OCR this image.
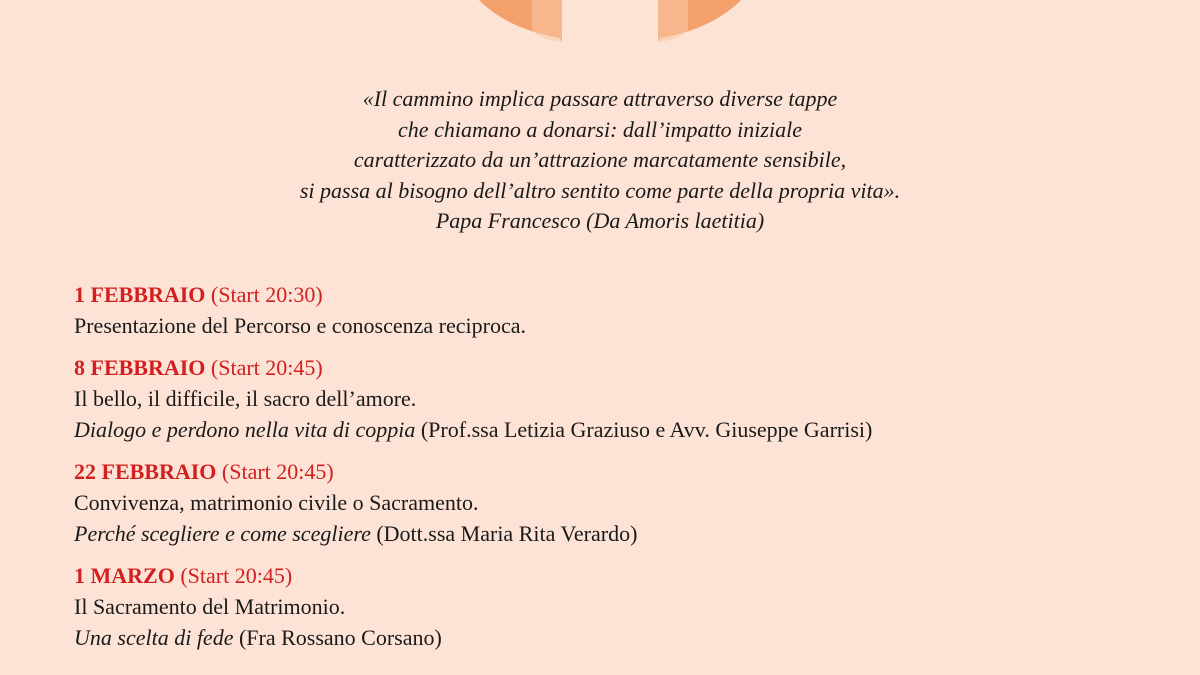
«Il cammino implica passare attraverso diverse tappe
che chiamano a donarsi: dall’impatto iniziale
caratterizzato da un’attrazione marcatamente sensibile,
si passa al bisogno dell’altro sentito come parte della propria vita».
Papa Francesco (Da Amoris laetitia)
1 FEBBRAIO (Start 20:30)
Presentazione del Percorso e conoscenza reciproca.
8 FEBBRAIO (Start 20:45)
Il bello, il difficile, il sacro dell’amore.
Dialogo e perdono nella vita di coppia (Prof.ssa Letizia Graziuso e Avv. Giuseppe Garrisi)
22 FEBBRAIO (Start 20:45)
Convivenza, matrimonio civile o Sacramento.
Perché scegliere e come scegliere (Dott.ssa Maria Rita Verardo)
1 MARZO (Start 20:45)
Il Sacramento del Matrimonio.
Una scelta di fede (Fra Rossano Corsano)
